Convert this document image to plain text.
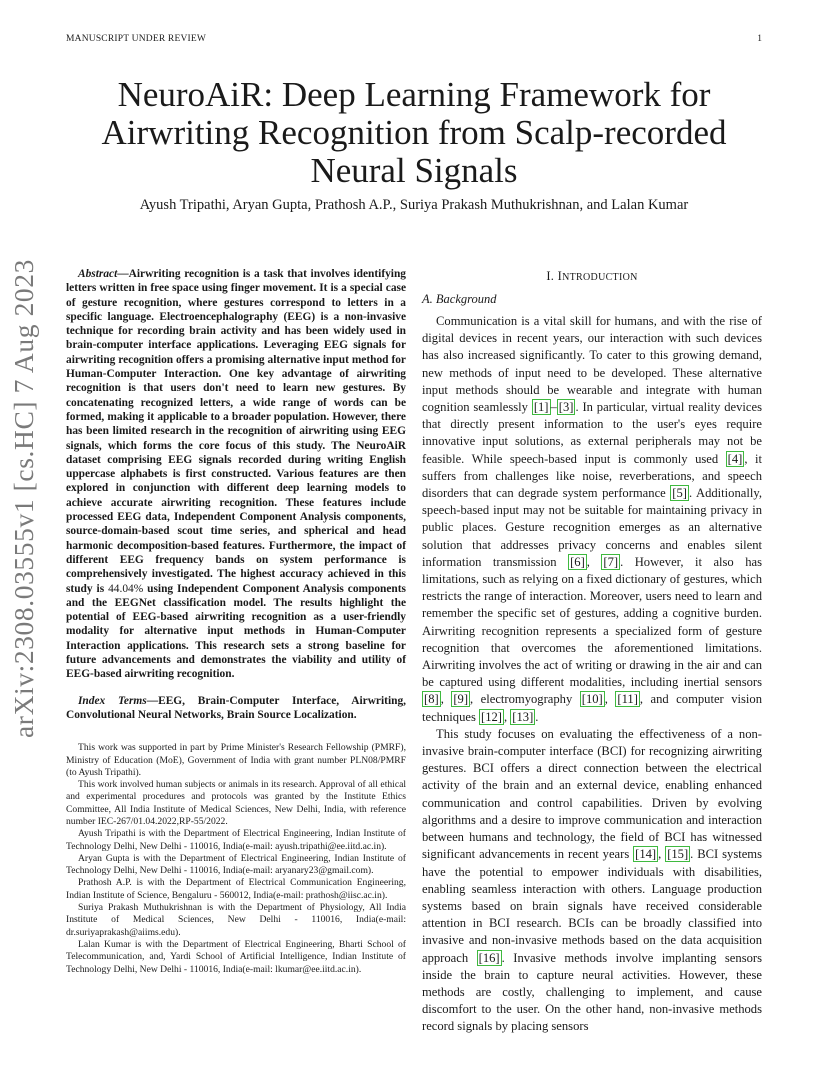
MANUSCRIPT UNDER REVIEW	1
arXiv:2308.03555v1 [cs.HC] 7 Aug 2023
NeuroAiR: Deep Learning Framework for Airwriting Recognition from Scalp-recorded Neural Signals
Ayush Tripathi, Aryan Gupta, Prathosh A.P., Suriya Prakash Muthukrishnan, and Lalan Kumar

Abstract—Airwriting recognition is a task that involves identifying letters written in free space using finger movement. It is a special case of gesture recognition, where gestures correspond to letters in a specific language. Electroencephalography (EEG) is a non-invasive technique for recording brain activity and has been widely used in brain-computer interface applications. Leveraging EEG signals for airwriting recognition offers a promising alternative input method for Human-Computer Interaction. One key advantage of airwriting recognition is that users don't need to learn new gestures. By concatenating recognized letters, a wide range of words can be formed, making it applicable to a broader population. However, there has been limited research in the recognition of airwriting using EEG signals, which forms the core focus of this study. The NeuroAiR dataset comprising EEG signals recorded during writing English uppercase alphabets is first constructed. Various features are then explored in conjunction with different deep learning models to achieve accurate airwriting recognition. These features include processed EEG data, Independent Component Analysis components, source-domain-based scout time series, and spherical and head harmonic decomposition-based features. Furthermore, the impact of different EEG frequency bands on system performance is comprehensively investigated. The highest accuracy achieved in this study is 44.04% using Independent Component Analysis components and the EEGNet classification model. The results highlight the potential of EEG-based airwriting recognition as a user-friendly modality for alternative input methods in Human-Computer Interaction applications. This research sets a strong baseline for future advancements and demonstrates the viability and utility of EEG-based airwriting recognition.

Index Terms—EEG, Brain-Computer Interface, Airwriting, Convolutional Neural Networks, Brain Source Localization.

This work was supported in part by Prime Minister's Research Fellowship (PMRF), Ministry of Education (MoE), Government of India with grant number PLN08/PMRF (to Ayush Tripathi).

This work involved human subjects or animals in its research. Approval of all ethical and experimental procedures and protocols was granted by the Institute Ethics Committee, All India Institute of Medical Sciences, New Delhi, India, with reference number IEC-267/01.04.2022,RP-55/2022.

Ayush Tripathi is with the Department of Electrical Engineering, Indian Institute of Technology Delhi, New Delhi - 110016, India(e-mail: ayush.tripathi@ee.iitd.ac.in).

Aryan Gupta is with the Department of Electrical Engineering, Indian Institute of Technology Delhi, New Delhi - 110016, India(e-mail: aryanary23@gmail.com).

Prathosh A.P. is with the Department of Electrical Communication Engineering, Indian Institute of Science, Bengaluru - 560012, India(e-mail: prathosh@iisc.ac.in).

Suriya Prakash Muthukrishnan is with the Department of Physiology, All India Institute of Medical Sciences, New Delhi - 110016, India(e-mail: dr.suriyaprakash@aiims.edu).

Lalan Kumar is with the Department of Electrical Engineering, Bharti School of Telecommunication, and, Yardi School of Artificial Intelligence, Indian Institute of Technology Delhi, New Delhi - 110016, India(e-mail: lkumar@ee.iitd.ac.in).

I. INTRODUCTION
A. Background

Communication is a vital skill for humans, and with the rise of digital devices in recent years, our interaction with such devices has also increased significantly. To cater to this growing demand, new methods of input need to be developed. These alternative input methods should be wearable and integrate with human cognition seamlessly [1] – [3] . In particular, virtual reality devices that directly present information to the user's eyes require innovative input solutions, as external peripherals may not be feasible. While speech-based input is commonly used [4] , it suffers from challenges like noise, reverberations, and speech disorders that can degrade system performance [5] . Additionally, speech-based input may not be suitable for maintaining privacy in public places. Gesture recognition emerges as an alternative solution that addresses privacy concerns and enables silent information transmission [6] , [7] . However, it also has limitations, such as relying on a fixed dictionary of gestures, which restricts the range of interaction. Moreover, users need to learn and remember the specific set of gestures, adding a cognitive burden. Airwriting recognition represents a specialized form of gesture recognition that overcomes the aforementioned limitations. Airwriting involves the act of writing or drawing in the air and can be captured using different modalities, including inertial sensors [8] , [9] , electromyography [10] , [11] , and computer vision techniques [12] , [13] .

This study focuses on evaluating the effectiveness of a non-invasive brain-computer interface (BCI) for recognizing airwriting gestures. BCI offers a direct connection between the electrical activity of the brain and an external device, enabling enhanced communication and control capabilities. Driven by evolving algorithms and a desire to improve communication and interaction between humans and technology, the field of BCI has witnessed significant advancements in recent years [14] , [15] . BCI systems have the potential to empower individuals with disabilities, enabling seamless interaction with others. Language production systems based on brain signals have received considerable attention in BCI research. BCIs can be broadly classified into invasive and non-invasive methods based on the data acquisition approach [16] . Invasive methods involve implanting sensors inside the brain to capture neural activities. However, these methods are costly, challenging to implement, and cause discomfort to the user. On the other hand, non-invasive methods record signals by placing sensors
